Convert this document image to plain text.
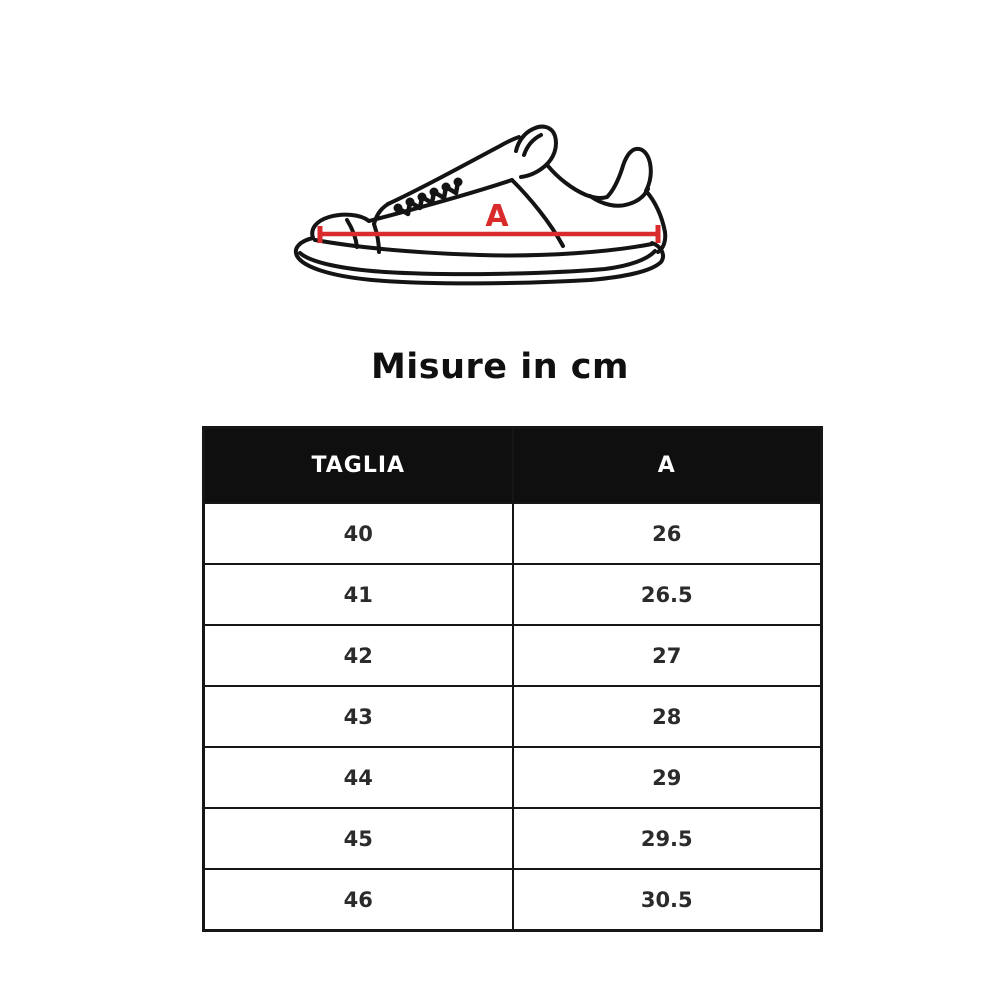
A
Misure in cm
TAGLIA	A
40	26
41	26.5
42	27
43	28
44	29
45	29.5
46	30.5
